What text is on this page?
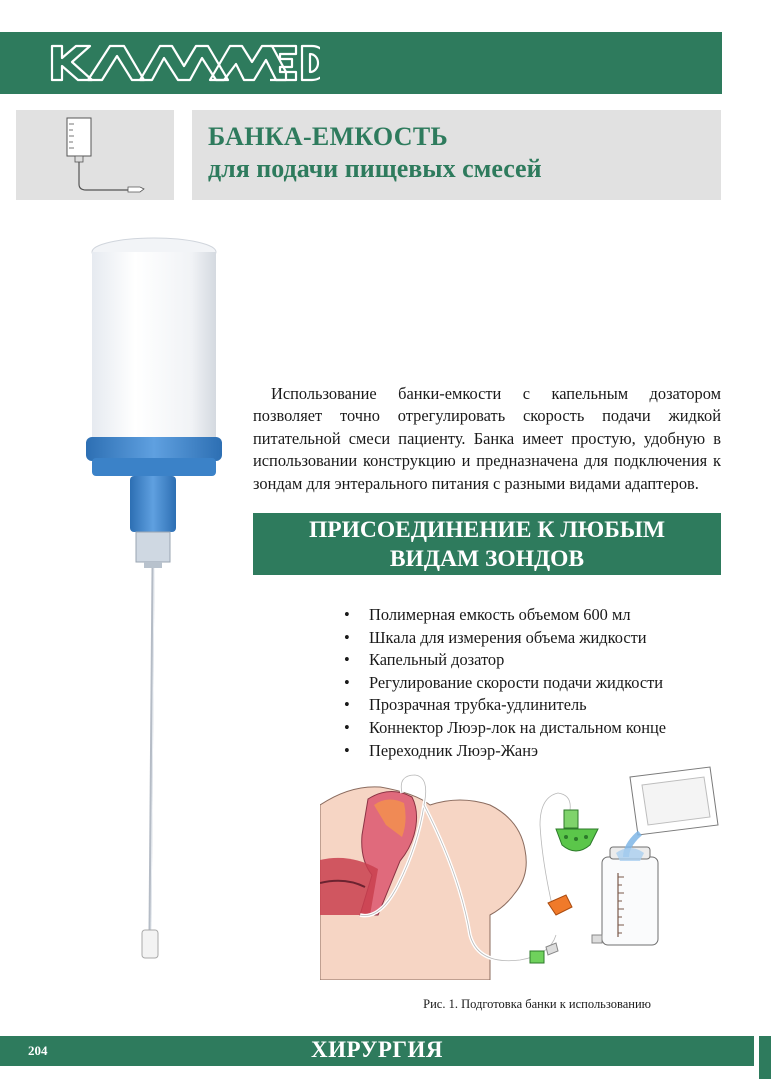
БАНКА-ЕМКОСТЬ
для подачи пищевых смесей

Использование банки-емкости с капельным дозатором позволяет точно отрегулировать скорость подачи жидкой питательной смеси пациенту. Банка имеет простую, удобную в использовании конструкцию и предназначена для подключения к зондам для энтерального питания с разными видами адаптеров.

ПРИСОЕДИНЕНИЕ К ЛЮБЫМ
ВИДАМ ЗОНДОВ
• Полимерная емкость объемом 600 мл
• Шкала для измерения объема жидкости
• Капельный дозатор
• Регулирование скорости подачи жидкости
• Прозрачная трубка-удлинитель
• Коннектор Люэр-лок на дистальном конце
• Переходник Люэр-Жанэ
Рис. 1. Подготовка банки к использованию
204	ХИРУРГИЯ
